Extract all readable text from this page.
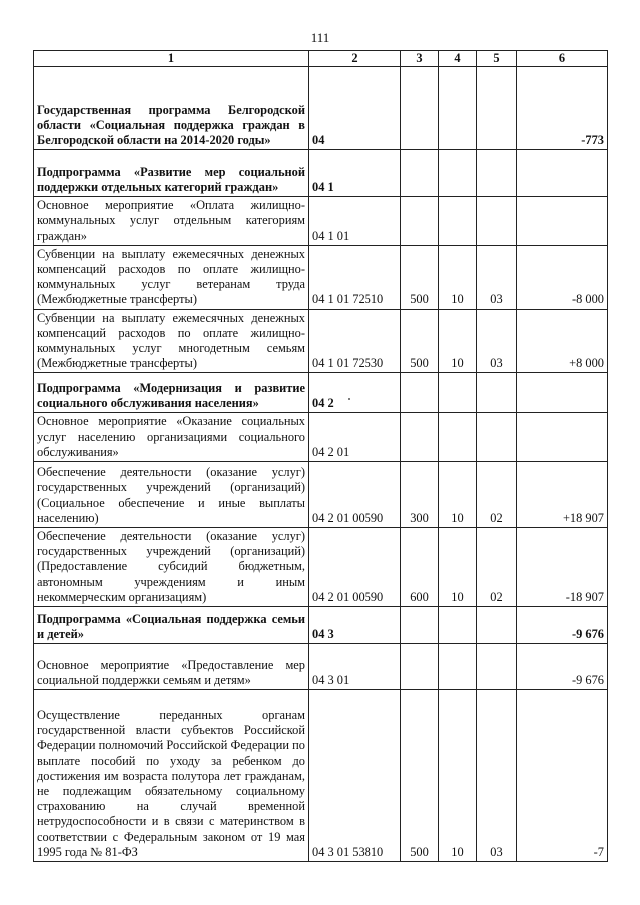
111
1	2	3	4	5	6
Государственная программа Белгородской области «Социальная поддержка граждан в Белгородской области на 2014-2020 годы»	04				-773
Подпрограмма «Развитие мер социальной поддержки отдельных категорий граждан»	04 1				
Основное мероприятие «Оплата жилищно-коммунальных услуг отдельным категориям граждан»	04 1 01				
Субвенции на выплату ежемесячных денежных компенсаций расходов по оплате жилищно-коммунальных услуг ветеранам труда (Межбюджетные трансферты)	04 1 01 72510	500	10	03	-8 000
Субвенции на выплату ежемесячных денежных компенсаций расходов по оплате жилищно-коммунальных услуг многодетным семьям (Межбюджетные трансферты)	04 1 01 72530	500	10	03	+8 000
Подпрограмма «Модернизация и развитие социального обслуживания населения»	04 2				
Основное мероприятие «Оказание социальных услуг населению организациями социального обслуживания»	04 2 01				
Обеспечение деятельности (оказание услуг) государственных учреждений (организаций) (Социальное обеспечение и иные выплаты населению)	04 2 01 00590	300	10	02	+18 907
Обеспечение деятельности (оказание услуг) государственных учреждений (организаций) (Предоставление субсидий бюджетным, автономным учреждениям и иным некоммерческим организациям)	04 2 01 00590	600	10	02	-18 907
Подпрограмма «Социальная поддержка семьи и детей»	04 3				-9 676
Основное мероприятие «Предоставление мер социальной поддержки семьям и детям»	04 3 01				-9 676
Осуществление переданных органам государственной власти субъектов Российской Федерации полномочий Российской Федерации по выплате пособий по уходу за ребенком до достижения им возраста полутора лет гражданам, не подлежащим обязательному социальному страхованию на случай временной нетрудоспособности и в связи с материнством в соответствии с Федеральным законом от 19 мая 1995 года № 81-ФЗ	04 3 01 53810	500	10	03	-7
